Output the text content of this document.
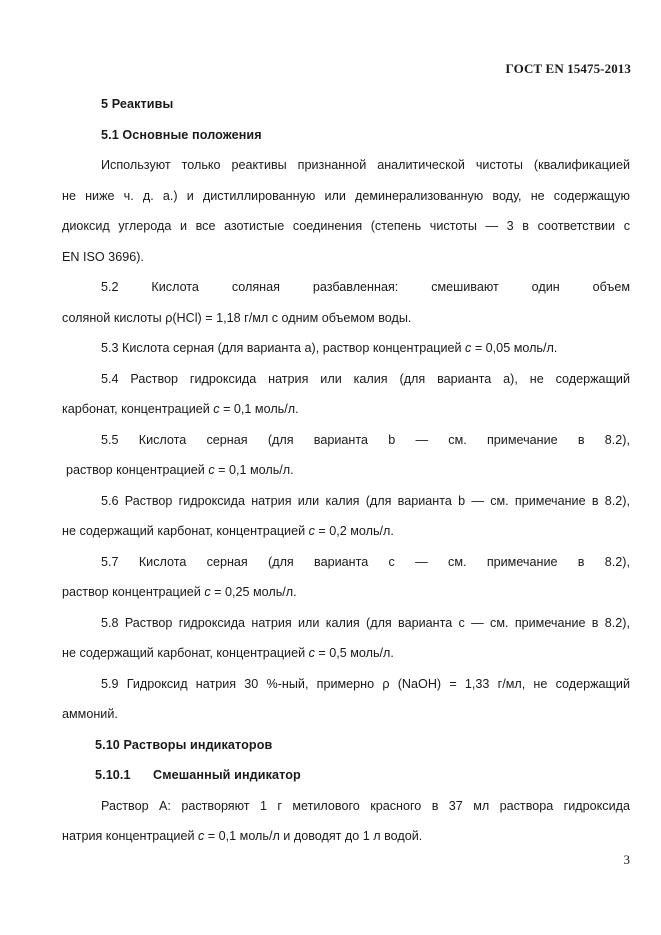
ГОСТ EN 15475-2013

5 Реактивы

5.1 Основные положения

Используют только реактивы признанной аналитической чистоты (квалификацией
не ниже ч. д. а.) и дистиллированную или деминерализованную воду, не содержащую
диоксид углерода и все азотистые соединения (степень чистоты — 3 в соответствии с
EN ISO 3696).
5.2 Кислота соляная разбавленная: смешивают один объем
соляной кислоты ρ(HCl) = 1,18 г/мл с одним объемом воды.
5.3 Кислота серная (для варианта а), раствор концентрацией c = 0,05 моль/л.
5.4 Раствор гидроксида натрия или калия (для варианта а), не содержащий
карбонат, концентрацией c = 0,1 моль/л.
5.5 Кислота серная (для варианта b — см. примечание в 8.2),
раствор концентрацией c = 0,1 моль/л.
5.6 Раствор гидроксида натрия или калия (для варианта b — см. примечание в 8.2),
не содержащий карбонат, концентрацией c = 0,2 моль/л.
5.7 Кислота серная (для варианта с — см. примечание в 8.2),
раствор концентрацией c = 0,25 моль/л.
5.8 Раствор гидроксида натрия или калия (для варианта с — см. примечание в 8.2),
не содержащий карбонат, концентрацией c = 0,5 моль/л.
5.9 Гидроксид натрия 30 %-ный, примерно ρ (NaOH) = 1,33 г/мл, не содержащий
аммоний.

5.10 Растворы индикаторов

5.10.1	Смешанный индикатор

Раствор А: растворяют 1 г метилового красного в 37 мл раствора гидроксида
натрия концентрацией c = 0,1 моль/л и доводят до 1 л водой.
3
